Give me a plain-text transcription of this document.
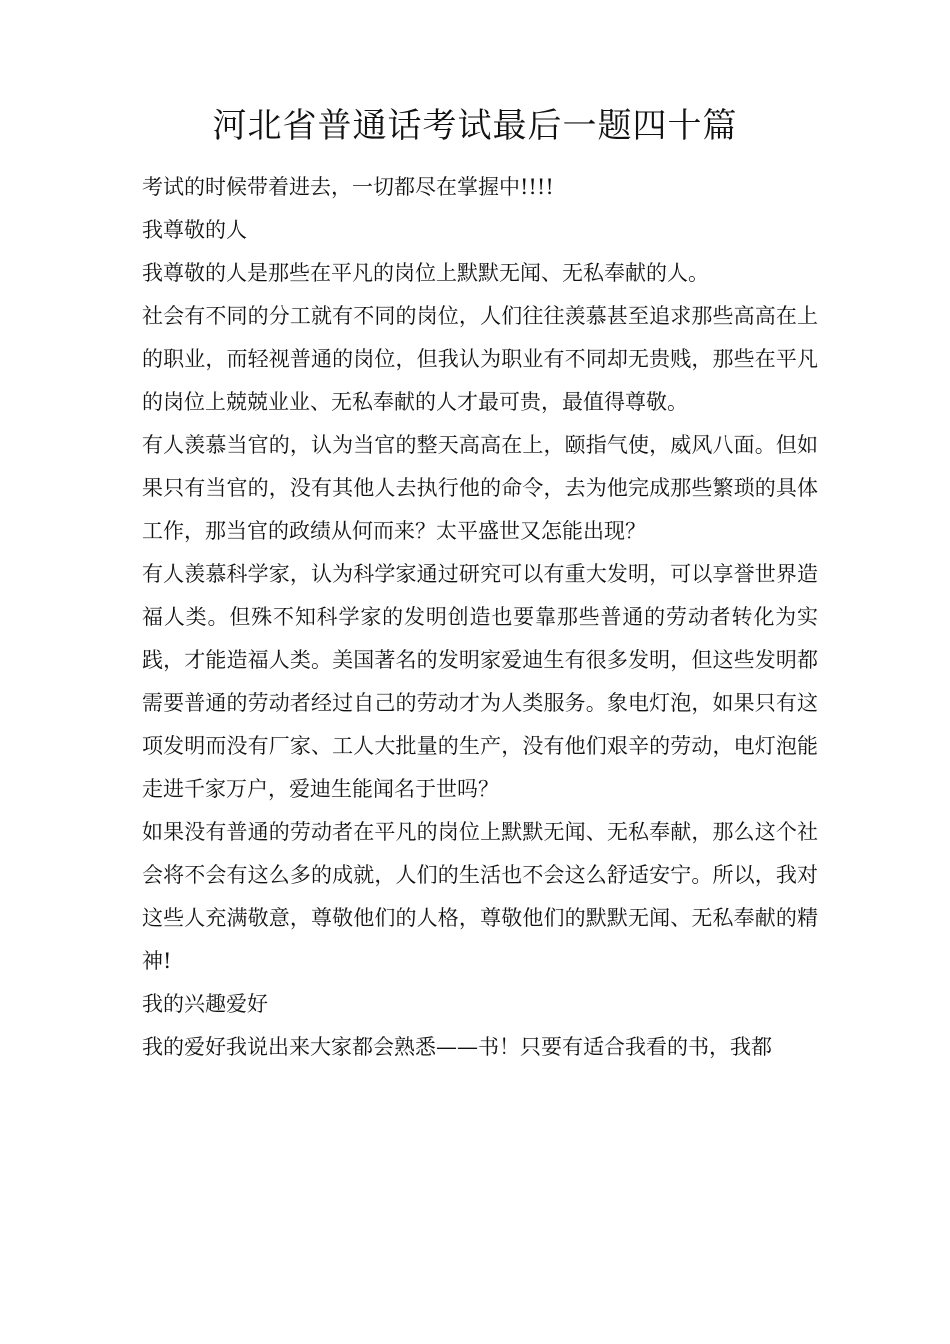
河北省普通话考试最后一题四十篇

考试的时候带着进去，一切都尽在掌握中!!!!

我尊敬的人

我尊敬的人是那些在平凡的岗位上默默无闻、无私奉献的人。

社会有不同的分工就有不同的岗位，人们往往羡慕甚至追求那些高高在上的职业，而轻视普通的岗位，但我认为职业有不同却无贵贱，那些在平凡的岗位上兢兢业业、无私奉献的人才最可贵，最值得尊敬。

有人羡慕当官的，认为当官的整天高高在上，颐指气使，威风八面。但如果只有当官的，没有其他人去执行他的命令，去为他完成那些繁琐的具体工作，那当官的政绩从何而来？太平盛世又怎能出现？

有人羡慕科学家，认为科学家通过研究可以有重大发明，可以享誉世界造福人类。但殊不知科学家的发明创造也要靠那些普通的劳动者转化为实践，才能造福人类。美国著名的发明家爱迪生有很多发明，但这些发明都需要普通的劳动者经过自己的劳动才为人类服务。象电灯泡，如果只有这项发明而没有厂家、工人大批量的生产，没有他们艰辛的劳动，电灯泡能走进千家万户，爱迪生能闻名于世吗？

如果没有普通的劳动者在平凡的岗位上默默无闻、无私奉献，那么这个社会将不会有这么多的成就，人们的生活也不会这么舒适安宁。所以，我对这些人充满敬意，尊敬他们的人格，尊敬他们的默默无闻、无私奉献的精神!

我的兴趣爱好

我的爱好我说出来大家都会熟悉——书！只要有适合我看的书，我都
